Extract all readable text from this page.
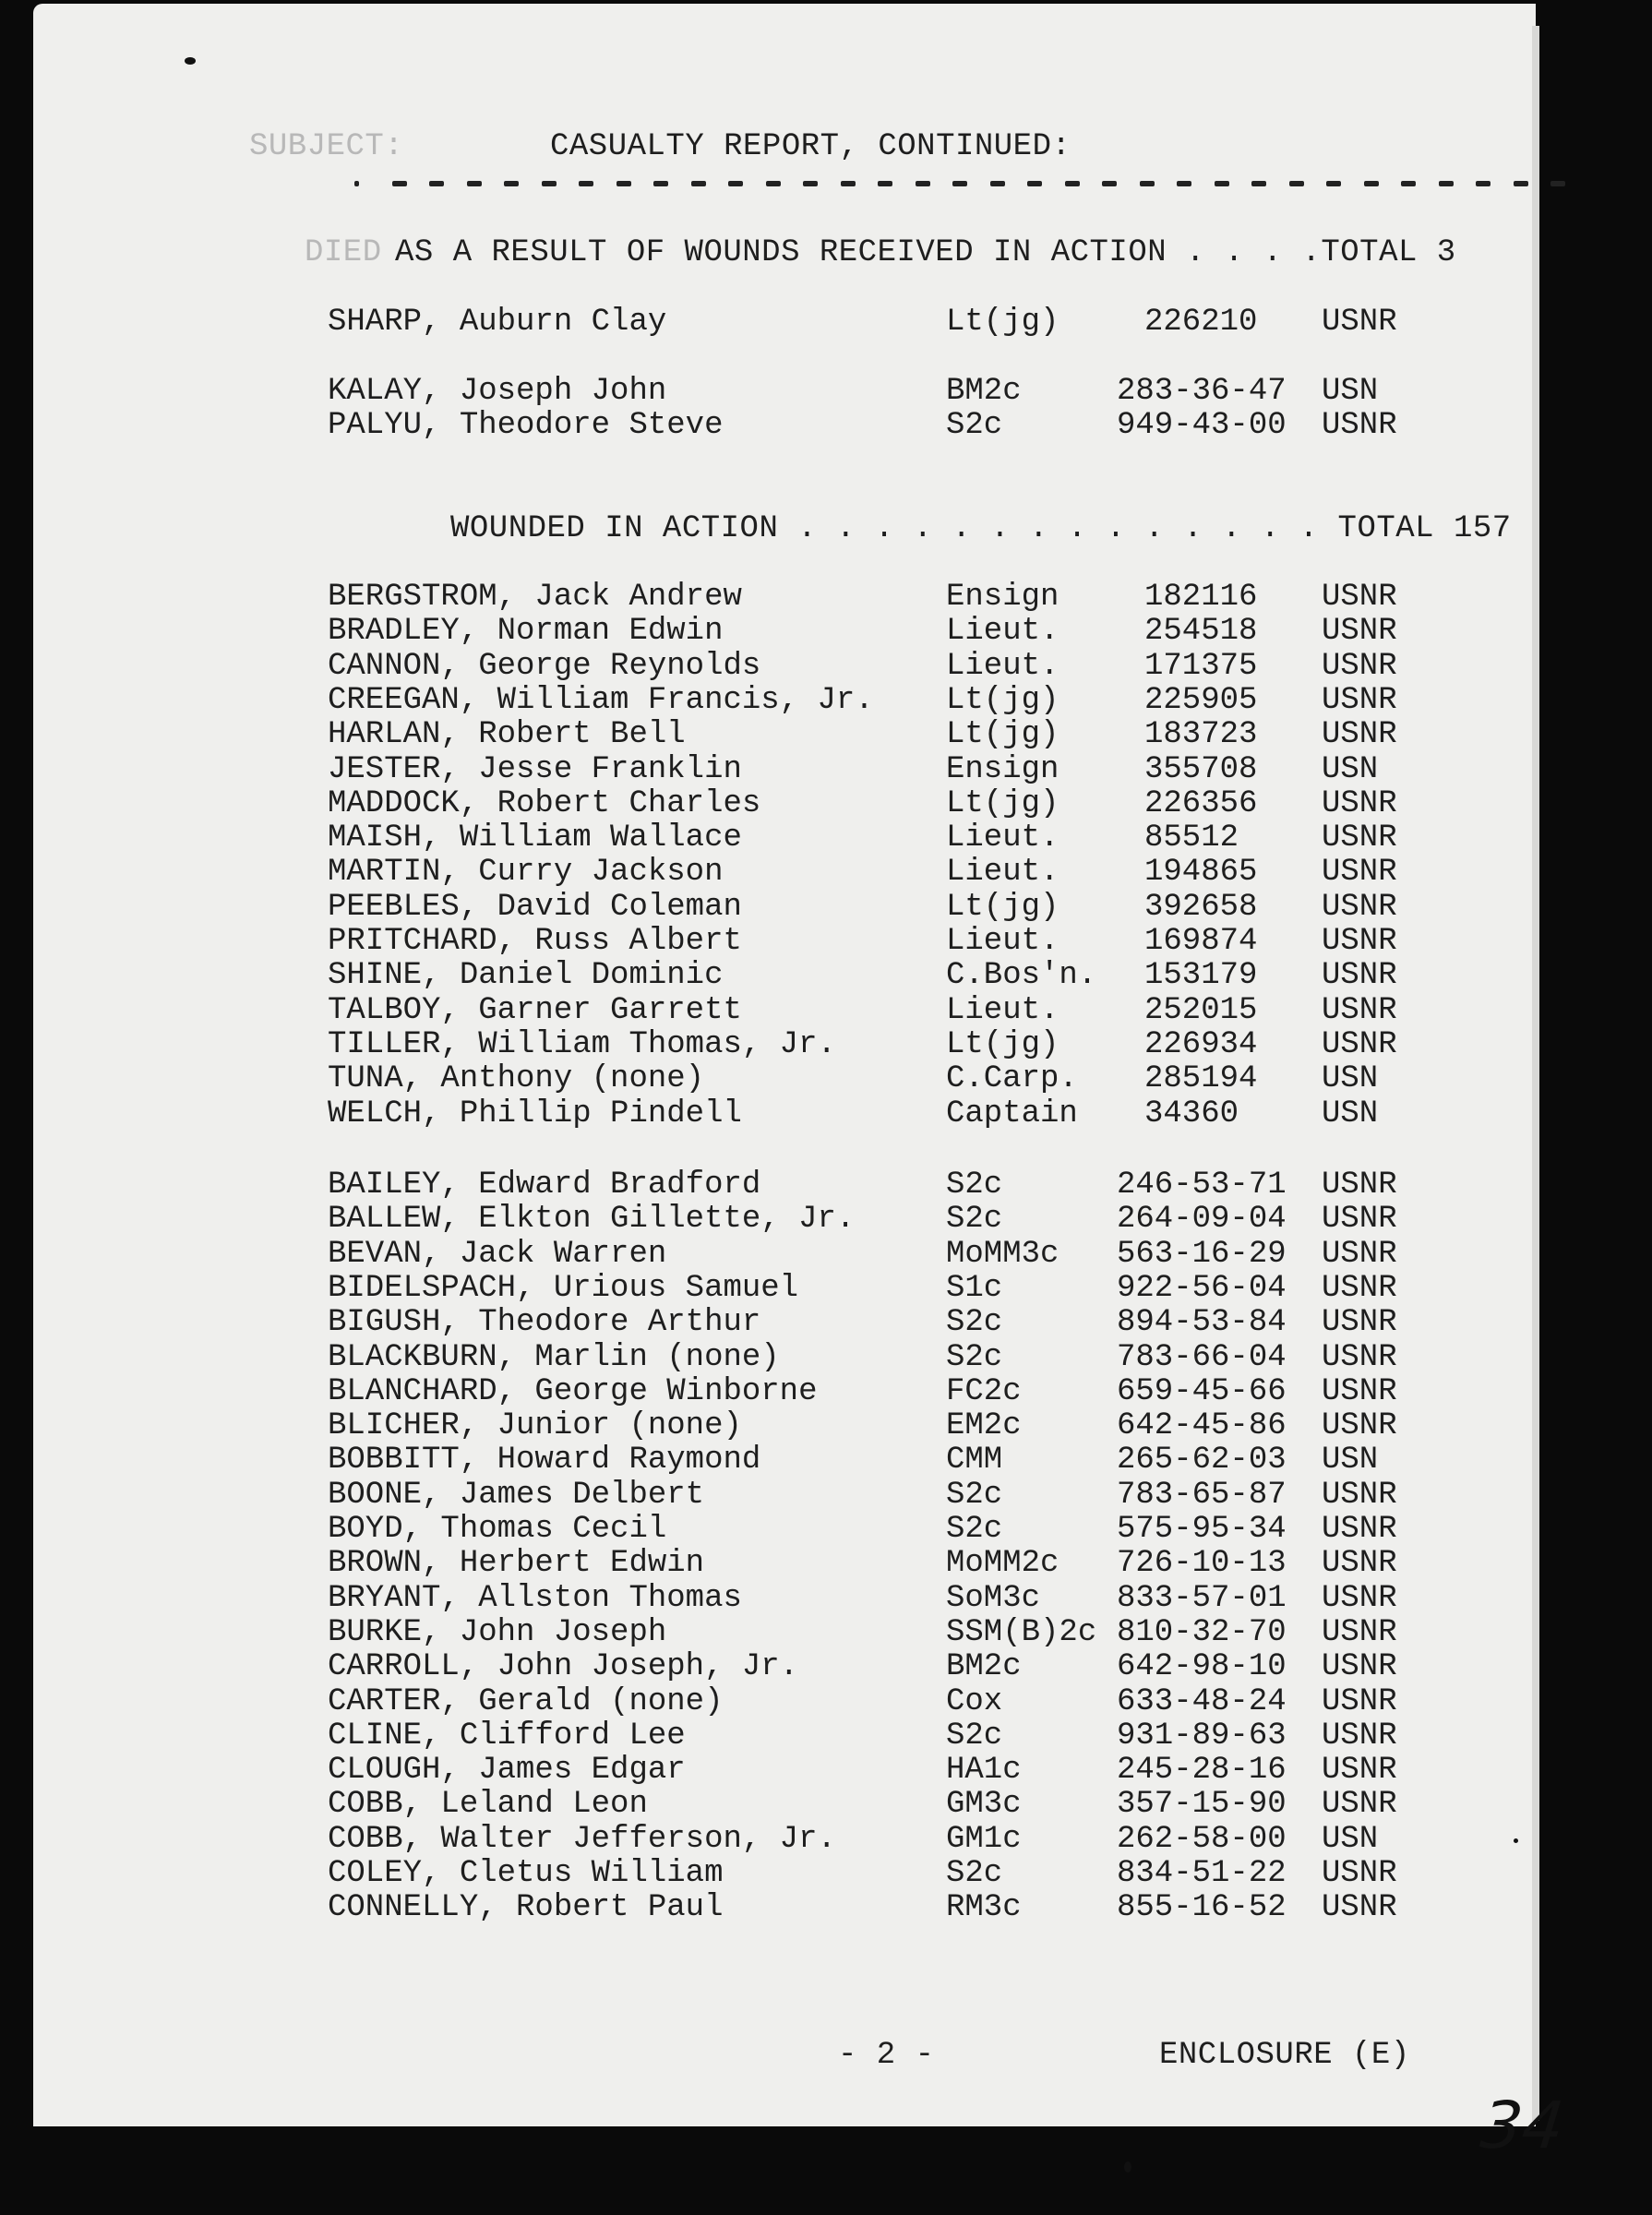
SUBJECT:	CASUALTY REPORT, CONTINUED:
DIED AS A RESULT OF WOUNDS RECEIVED IN ACTION . . . .TOTAL 3
SHARP, Auburn Clay	Lt(jg)	226210 USNR
KALAY, Joseph John	BM2c	283-36-47 USN
PALYU, Theodore Steve	S2c	949-43-00 USNR
WOUNDED IN ACTION . . . . . . . . . . . . . . TOTAL 157
BERGSTROM, Jack Andrew	Ensign	182116 USNR
BRADLEY, Norman Edwin	Lieut.	254518 USNR
CANNON, George Reynolds	Lieut.	171375 USNR
CREEGAN, William Francis, Jr. Lt(jg)	225905 USNR
HARLAN, Robert Bell	Lt(jg)	183723 USNR
JESTER, Jesse Franklin	Ensign	355708 USN
MADDOCK, Robert Charles	Lt(jg)	226356 USNR
MAISH, William Wallace	Lieut.	85512	USNR
MARTIN, Curry Jackson	Lieut.	194865 USNR
PEEBLES, David Coleman	Lt(jg)	392658 USNR
PRITCHARD, Russ Albert	Lieut.	169874 USNR
SHINE, Daniel Dominic	C.Bos'n. 153179 USNR
TALBOY, Garner Garrett	Lieut.	252015 USNR
TILLER, William Thomas, Jr.	Lt(jg)	226934 USNR
TUNA, Anthony (none)	C.Carp. 285194 USN
WELCH, Phillip Pindell	Captain 34360	USN
BAILEY, Edward Bradford	S2c	246-53-71 USNR
BALLEW, Elkton Gillette, Jr.	S2c	264-09-04 USNR
BEVAN, Jack Warren	MoMM3c 563-16-29 USNR
BIDELSPACH, Urious Samuel	S1c	922-56-04 USNR
BIGUSH, Theodore Arthur	S2c	894-53-84 USNR
BLACKBURN, Marlin (none)	S2c	783-66-04 USNR
BLANCHARD, George Winborne	FC2c	659-45-66 USNR
BLICHER, Junior (none)	EM2c	642-45-86 USNR
BOBBITT, Howard Raymond	CMM	265-62-03 USN
BOONE, James Delbert	S2c	783-65-87 USNR
BOYD, Thomas Cecil	S2c	575-95-34 USNR
BROWN, Herbert Edwin	MoMM2c 726-10-13 USNR
BRYANT, Allston Thomas	SoM3c 833-57-01 USNR
BURKE, John Joseph	SSM(B)2c 810-32-70 USNR
CARROLL, John Joseph, Jr.	BM2c	642-98-10 USNR
CARTER, Gerald (none)	Cox	633-48-24 USNR
CLINE, Clifford Lee	S2c	931-89-63 USNR
CLOUGH, James Edgar	HA1c	245-28-16 USNR
COBB, Leland Leon	GM3c	357-15-90 USNR
COBB, Walter Jefferson, Jr.	GM1c	262-58-00 USN
COLEY, Cletus William	S2c	834-51-22 USNR
CONNELLY, Robert Paul	RM3c	855-16-52 USNR
- 2 -	ENCLOSURE (E)
34
